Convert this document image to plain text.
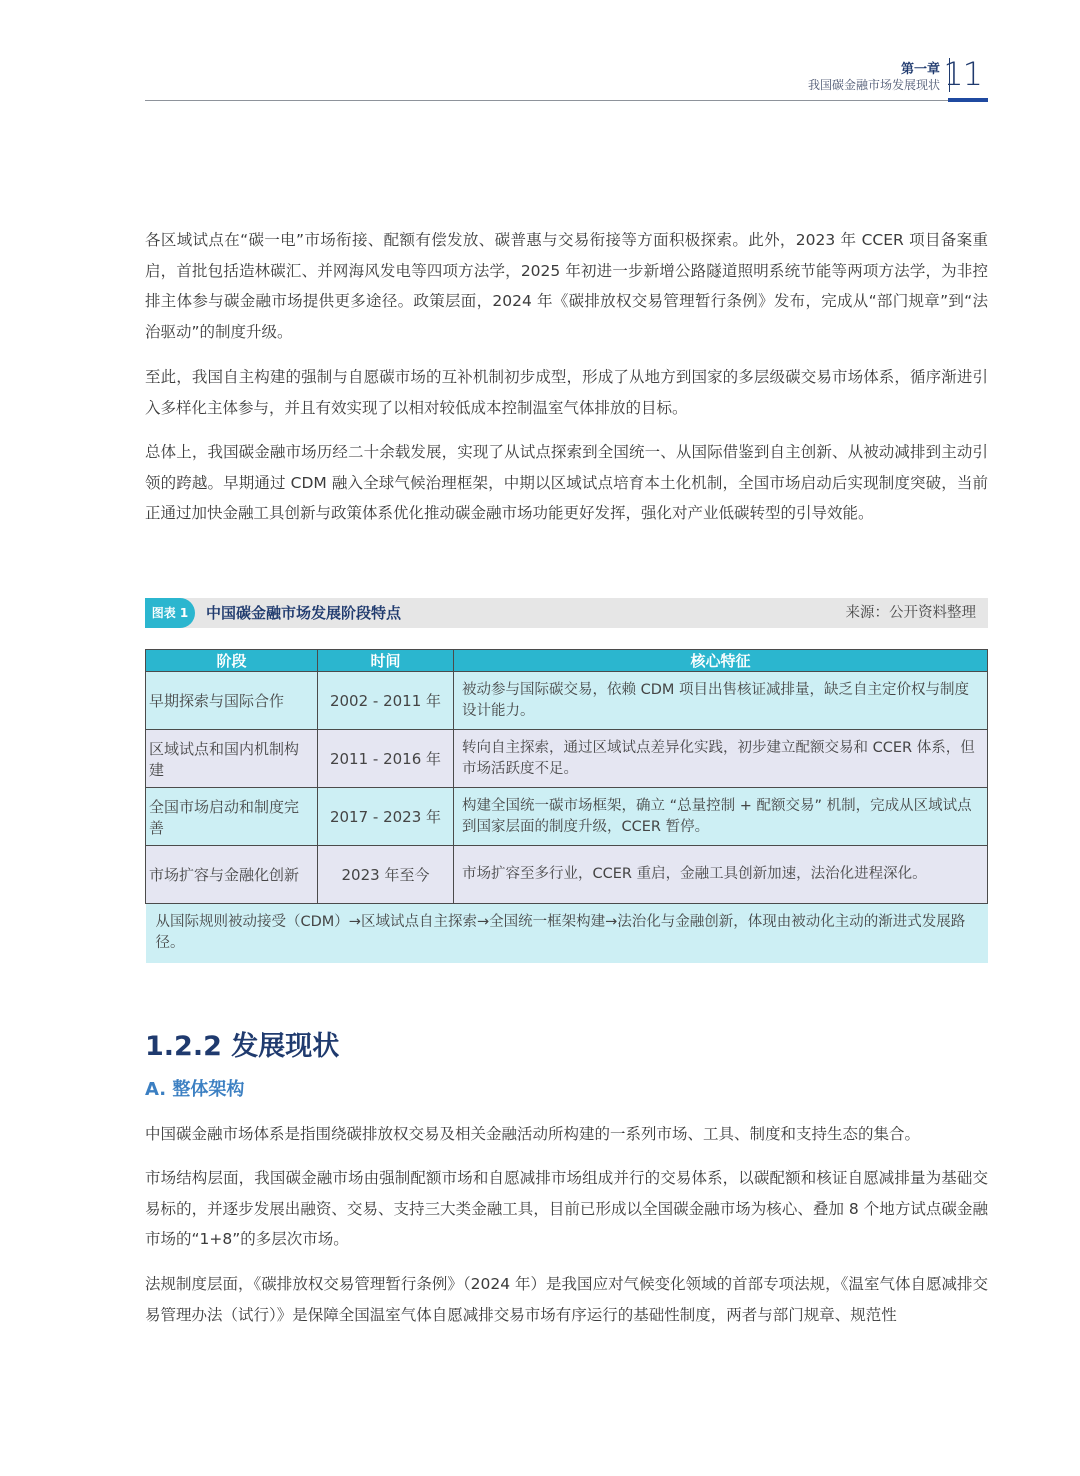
第一章
我国碳金融市场发展现状 11

各区域试点在“碳一电”市场衔接、配额有偿发放、碳普惠与交易衔接等方面积极探索。此外，2023 年 CCER 项目备案重启，首批包括造林碳汇、并网海风发电等四项方法学，2025 年初进一步新增公路隧道照明系统节能等两项方法学，为非控排主体参与碳金融市场提供更多途径。政策层面，2024 年《碳排放权交易管理暂行条例》发布，完成从“部门规章”到“法治驱动”的制度升级。

至此，我国自主构建的强制与自愿碳市场的互补机制初步成型，形成了从地方到国家的多层级碳交易市场体系，循序渐进引入多样化主体参与，并且有效实现了以相对较低成本控制温室气体排放的目标。

总体上，我国碳金融市场历经二十余载发展，实现了从试点探索到全国统一、从国际借鉴到自主创新、从被动减排到主动引领的跨越。早期通过 CDM 融入全球气候治理框架，中期以区域试点培育本土化机制，全国市场启动后实现制度突破，当前正通过加快金融工具创新与政策体系优化推动碳金融市场功能更好发挥，强化对产业低碳转型的引导效能。

图表 1	中国碳金融市场发展阶段特点	来源：公开资料整理
阶段	时间	核心特征
早期探索与国际合作	2002 - 2011 年	被动参与国际碳交易，依赖 CDM 项目出售核证减排量，缺乏自主定价权与制度设计能力。
区域试点和国内机制构建	2011 - 2016 年	转向自主探索，通过区域试点差异化实践，初步建立配额交易和 CCER 体系，但市场活跃度不足。
全国市场启动和制度完善	2017 - 2023 年	构建全国统一碳市场框架，确立 “总量控制 + 配额交易” 机制，完成从区域试点到国家层面的制度升级，CCER 暂停。
市场扩容与金融化创新	2023 年至今	市场扩容至多行业，CCER 重启，金融工具创新加速，法治化进程深化。
从国际规则被动接受（CDM）→区域试点自主探索→全国统一框架构建→法治化与金融创新，体现由被动化主动的渐进式发展路径。		
1.2.2 发展现状
A. 整体架构

中国碳金融市场体系是指围绕碳排放权交易及相关金融活动所构建的一系列市场、工具、制度和支持生态的集合。

市场结构层面，我国碳金融市场由强制配额市场和自愿减排市场组成并行的交易体系，以碳配额和核证自愿减排量为基础交易标的，并逐步发展出融资、交易、支持三大类金融工具，目前已形成以全国碳金融市场为核心、叠加 8 个地方试点碳金融市场的“1+8”的多层次市场。

法规制度层面，《碳排放权交易管理暂行条例》（2024 年）是我国应对气候变化领域的首部专项法规，《温室气体自愿减排交易管理办法（试行）》是保障全国温室气体自愿减排交易市场有序运行的基础性制度，两者与部门规章、规范性
